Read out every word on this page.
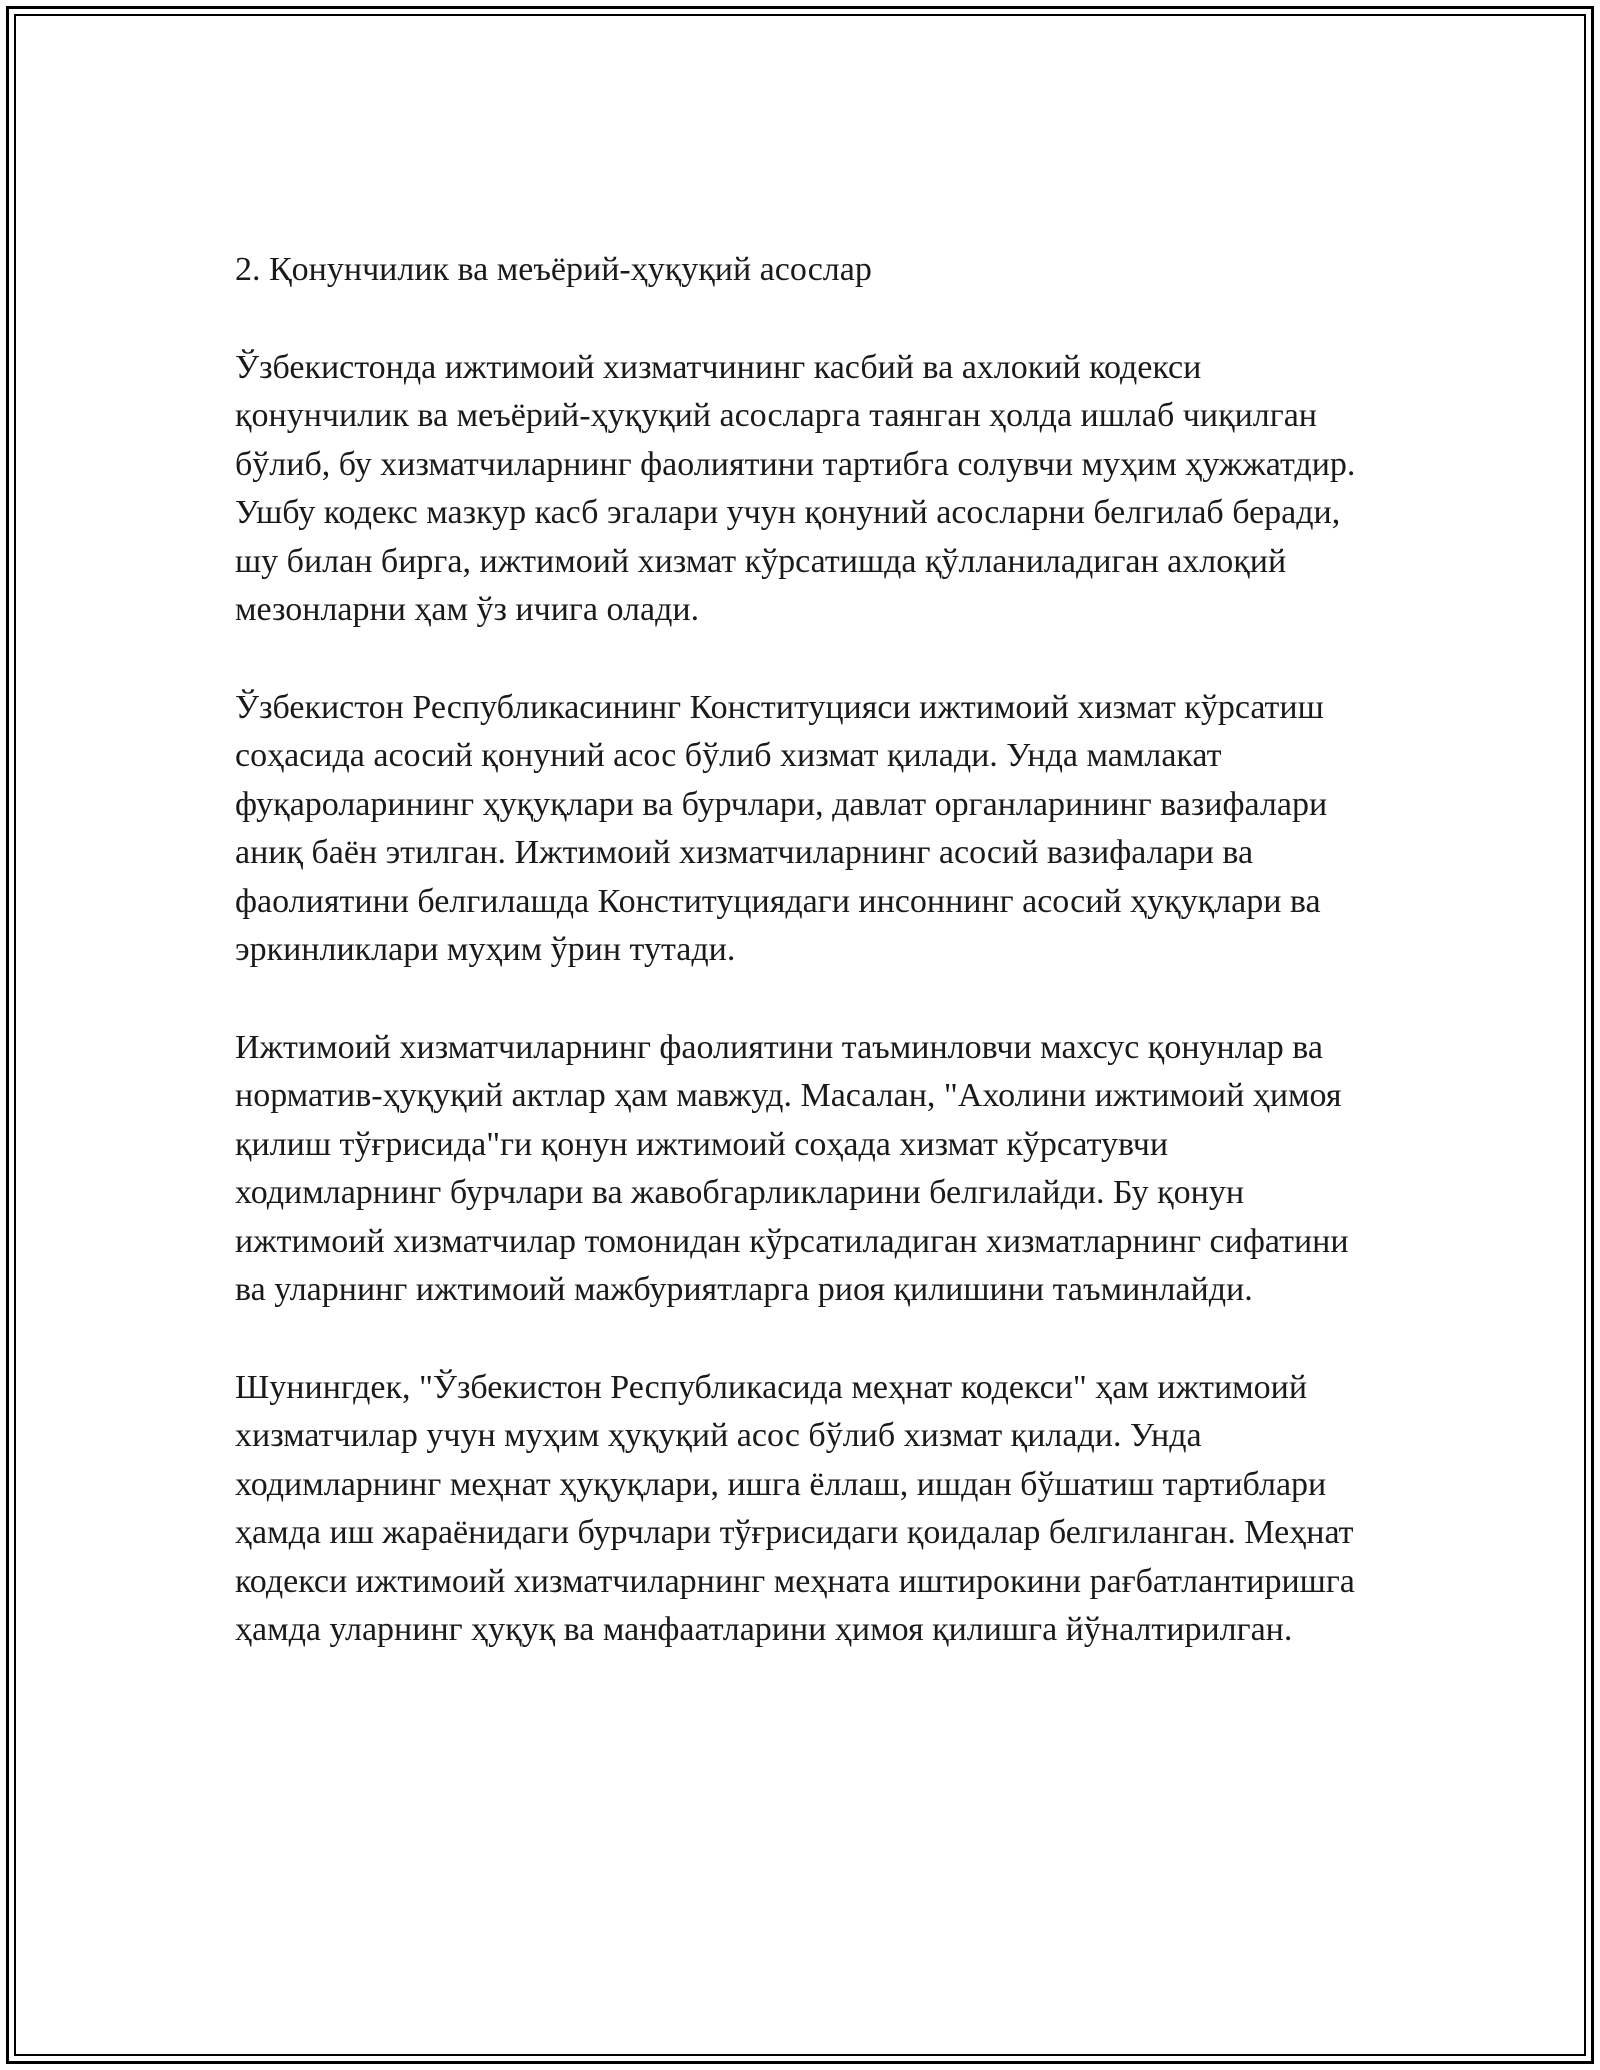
2. Қонунчилик ва меъёрий-ҳуқуқий асослар

Ўзбекистонда ижтимоий хизматчининг касбий ва ахлокий кодекси қонунчилик ва меъёрий-ҳуқуқий асосларга таянган ҳолда ишлаб чиқилган бўлиб, бу хизматчиларнинг фаолиятини тартибга солувчи муҳим ҳужжатдир. Ушбу кодекс мазкур касб эгалари учун қонуний асосларни белгилаб беради, шу билан бирга, ижтимоий хизмат кўрсатишда қўлланиладиган ахлоқий мезонларни ҳам ўз ичига олади.

Ўзбекистон Республикасининг Конституцияси ижтимоий хизмат кўрсатиш соҳасида асосий қонуний асос бўлиб хизмат қилади. Унда мамлакат фуқароларининг ҳуқуқлари ва бурчлари, давлат органларининг вазифалари аниқ баён этилган. Ижтимоий хизматчиларнинг асосий вазифалари ва фаолиятини белгилашда Конституциядаги инсоннинг асосий ҳуқуқлари ва эркинликлари муҳим ўрин тутади.

Ижтимоий хизматчиларнинг фаолиятини таъминловчи махсус қонунлар ва норматив-ҳуқуқий актлар ҳам мавжуд. Масалан, "Ахолини ижтимоий ҳимоя қилиш тўғрисида"ги қонун ижтимоий соҳада хизмат кўрсатувчи ходимларнинг бурчлари ва жавобгарликларини белгилайди. Бу қонун ижтимоий хизматчилар томонидан кўрсатиладиган хизматларнинг сифатини ва уларнинг ижтимоий мажбуриятларга риоя қилишини таъминлайди.

Шунингдек, "Ўзбекистон Республикасида меҳнат кодекси" ҳам ижтимоий хизматчилар учун муҳим ҳуқуқий асос бўлиб хизмат қилади. Унда ходимларнинг меҳнат ҳуқуқлари, ишга ёллаш, ишдан бўшатиш тартиблари ҳамда иш жараёнидаги бурчлари тўғрисидаги қоидалар белгиланган. Меҳнат кодекси ижтимоий хизматчиларнинг меҳната иштирокини рағбатлантиришга ҳамда уларнинг ҳуқуқ ва манфаатларини ҳимоя қилишга йўналтирилган.
